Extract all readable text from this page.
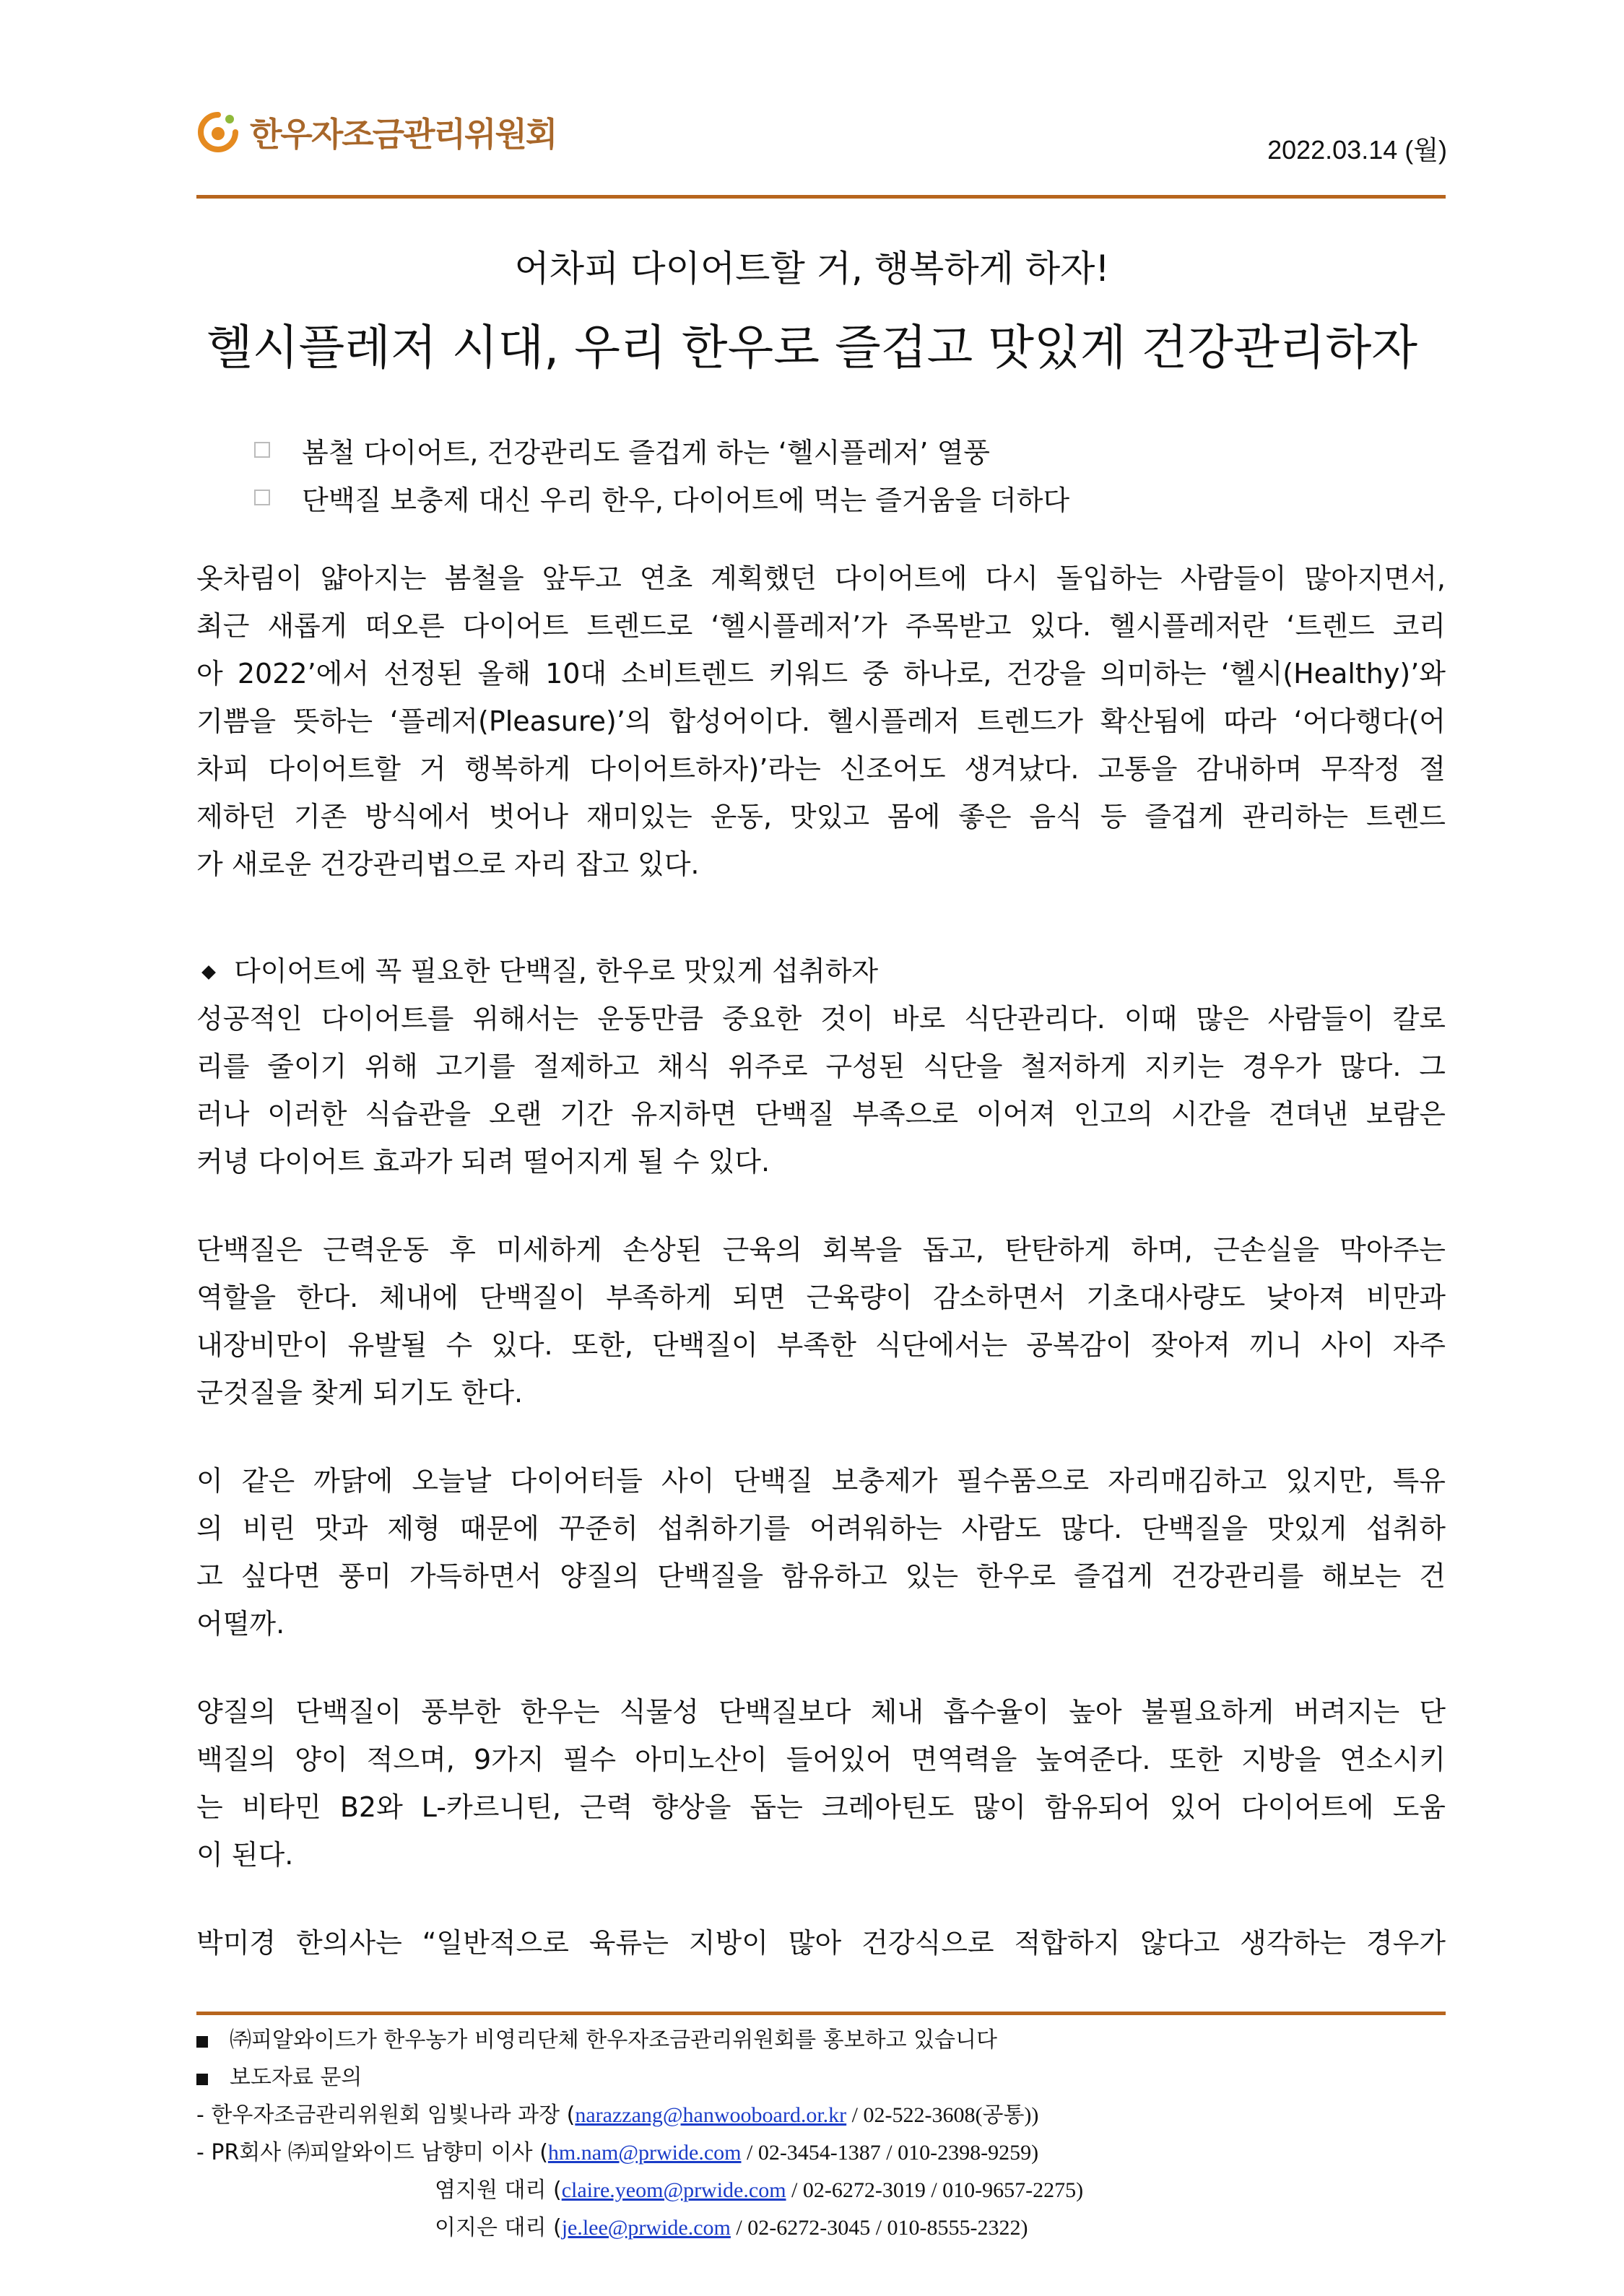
한우자조금관리위원회	2022.03.14 (월)
어차피 다이어트할 거, 행복하게 하자!
헬시플레저 시대, 우리 한우로 즐겁고 맛있게 건강관리하자
봄철 다이어트, 건강관리도 즐겁게 하는 ‘헬시플레저’ 열풍
단백질 보충제 대신 우리 한우, 다이어트에 먹는 즐거움을 더하다
옷차림이 얇아지는 봄철을 앞두고 연초 계획했던 다이어트에 다시 돌입하는 사람들이 많아지면서,
최근 새롭게 떠오른 다이어트 트렌드로 ‘헬시플레저’가 주목받고 있다. 헬시플레저란 ‘트렌드 코리
아 2022’에서 선정된 올해 10대 소비트렌드 키워드 중 하나로, 건강을 의미하는 ‘헬시(Healthy)’와
기쁨을 뜻하는 ‘플레저(Pleasure)’의 합성어이다. 헬시플레저 트렌드가 확산됨에 따라 ‘어다행다(어
차피 다이어트할 거 행복하게 다이어트하자)’라는 신조어도 생겨났다. 고통을 감내하며 무작정 절
제하던 기존 방식에서 벗어나 재미있는 운동, 맛있고 몸에 좋은 음식 등 즐겁게 관리하는 트렌드
가 새로운 건강관리법으로 자리 잡고 있다.
다이어트에 꼭 필요한 단백질, 한우로 맛있게 섭취하자
성공적인 다이어트를 위해서는 운동만큼 중요한 것이 바로 식단관리다. 이때 많은 사람들이 칼로
리를 줄이기 위해 고기를 절제하고 채식 위주로 구성된 식단을 철저하게 지키는 경우가 많다. 그
러나 이러한 식습관을 오랜 기간 유지하면 단백질 부족으로 이어져 인고의 시간을 견뎌낸 보람은
커녕 다이어트 효과가 되려 떨어지게 될 수 있다.
단백질은 근력운동 후 미세하게 손상된 근육의 회복을 돕고, 탄탄하게 하며, 근손실을 막아주는
역할을 한다. 체내에 단백질이 부족하게 되면 근육량이 감소하면서 기초대사량도 낮아져 비만과
내장비만이 유발될 수 있다. 또한, 단백질이 부족한 식단에서는 공복감이 잦아져 끼니 사이 자주
군것질을 찾게 되기도 한다.
이 같은 까닭에 오늘날 다이어터들 사이 단백질 보충제가 필수품으로 자리매김하고 있지만, 특유
의 비린 맛과 제형 때문에 꾸준히 섭취하기를 어려워하는 사람도 많다. 단백질을 맛있게 섭취하
고 싶다면 풍미 가득하면서 양질의 단백질을 함유하고 있는 한우로 즐겁게 건강관리를 해보는 건
어떨까.
양질의 단백질이 풍부한 한우는 식물성 단백질보다 체내 흡수율이 높아 불필요하게 버려지는 단
백질의 양이 적으며, 9가지 필수 아미노산이 들어있어 면역력을 높여준다. 또한 지방을 연소시키
는 비타민 B2와 L-카르니틴, 근력 향상을 돕는 크레아틴도 많이 함유되어 있어 다이어트에 도움
이 된다.
박미경 한의사는 “일반적으로 육류는 지방이 많아 건강식으로 적합하지 않다고 생각하는 경우가
㈜피알와이드가 한우농가 비영리단체 한우자조금관리위원회를 홍보하고 있습니다
보도자료 문의
- 한우자조금관리위원회 임빛나라 과장 (narazzang@hanwooboard.or.kr / 02-522-3608(공통))
- PR회사 ㈜피알와이드 남향미 이사 (hm.nam@prwide.com / 02-3454-1387 / 010-2398-9259)
염지원 대리 (claire.yeom@prwide.com / 02-6272-3019 / 010-9657-2275)
이지은 대리 (je.lee@prwide.com / 02-6272-3045 / 010-8555-2322)
